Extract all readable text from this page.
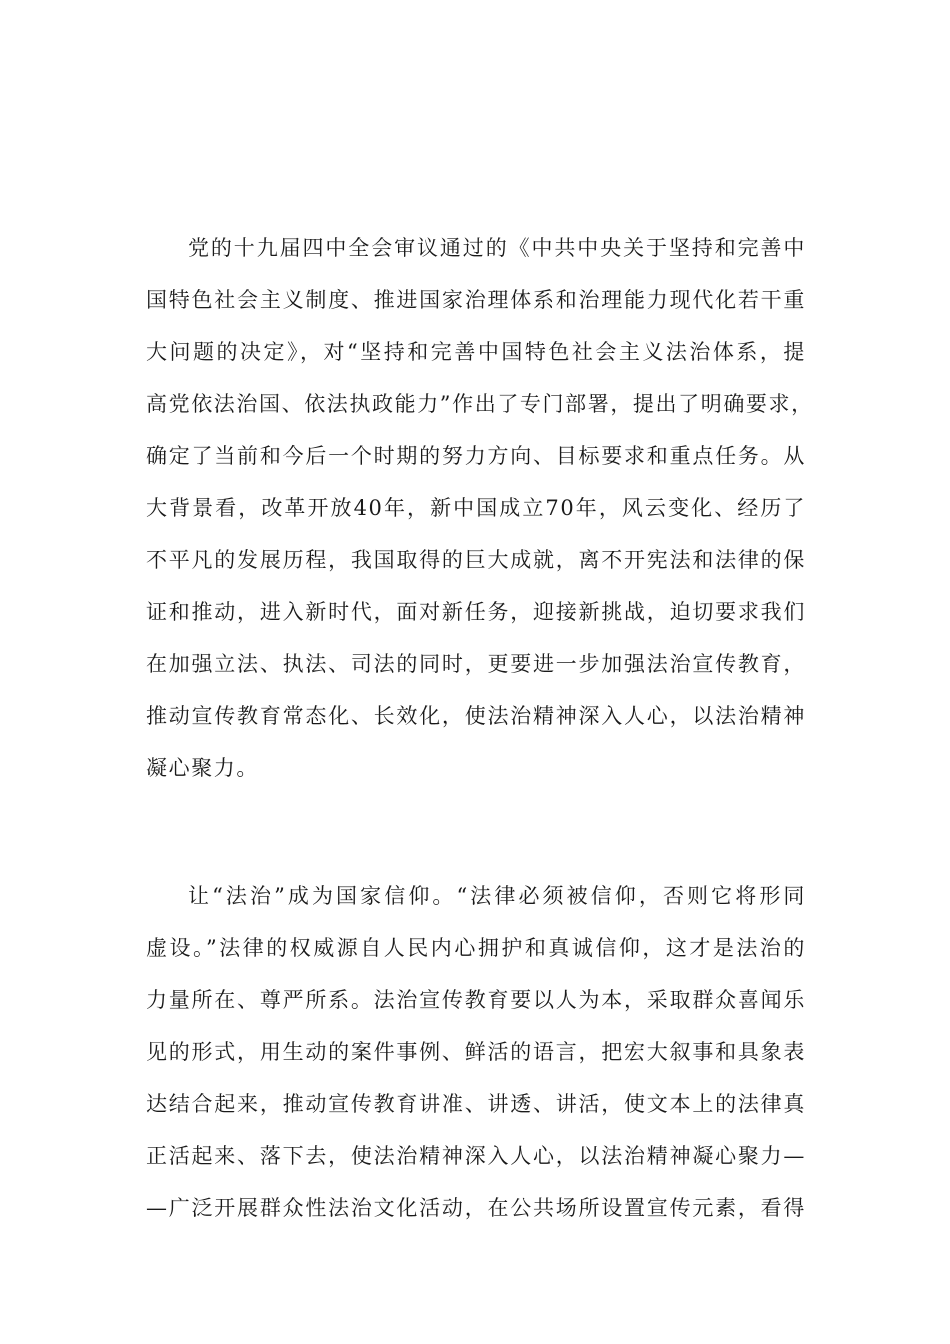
党的十九届四中全会审议通过的《中共中央关于坚持和完善中
国特色社会主义制度、推进国家治理体系和治理能力现代化若干重
大问题的决定》，对“坚持和完善中国特色社会主义法治体系，提
高党依法治国、依法执政能力”作出了专门部署，提出了明确要求，
确定了当前和今后一个时期的努力方向、目标要求和重点任务。从
大背景看，改革开放40年，新中国成立70年，风云变化、经历了
不平凡的发展历程，我国取得的巨大成就，离不开宪法和法律的保
证和推动，进入新时代，面对新任务，迎接新挑战，迫切要求我们
在加强立法、执法、司法的同时，更要进一步加强法治宣传教育，
推动宣传教育常态化、长效化，使法治精神深入人心，以法治精神
凝心聚力。
让“法治”成为国家信仰。“法律必须被信仰，否则它将形同
虚设。”法律的权威源自人民内心拥护和真诚信仰，这才是法治的
力量所在、尊严所系。法治宣传教育要以人为本，采取群众喜闻乐
见的形式，用生动的案件事例、鲜活的语言，把宏大叙事和具象表
达结合起来，推动宣传教育讲准、讲透、讲活，使文本上的法律真
正活起来、落下去，使法治精神深入人心，以法治精神凝心聚力—
—广泛开展群众性法治文化活动，在公共场所设置宣传元素，看得
